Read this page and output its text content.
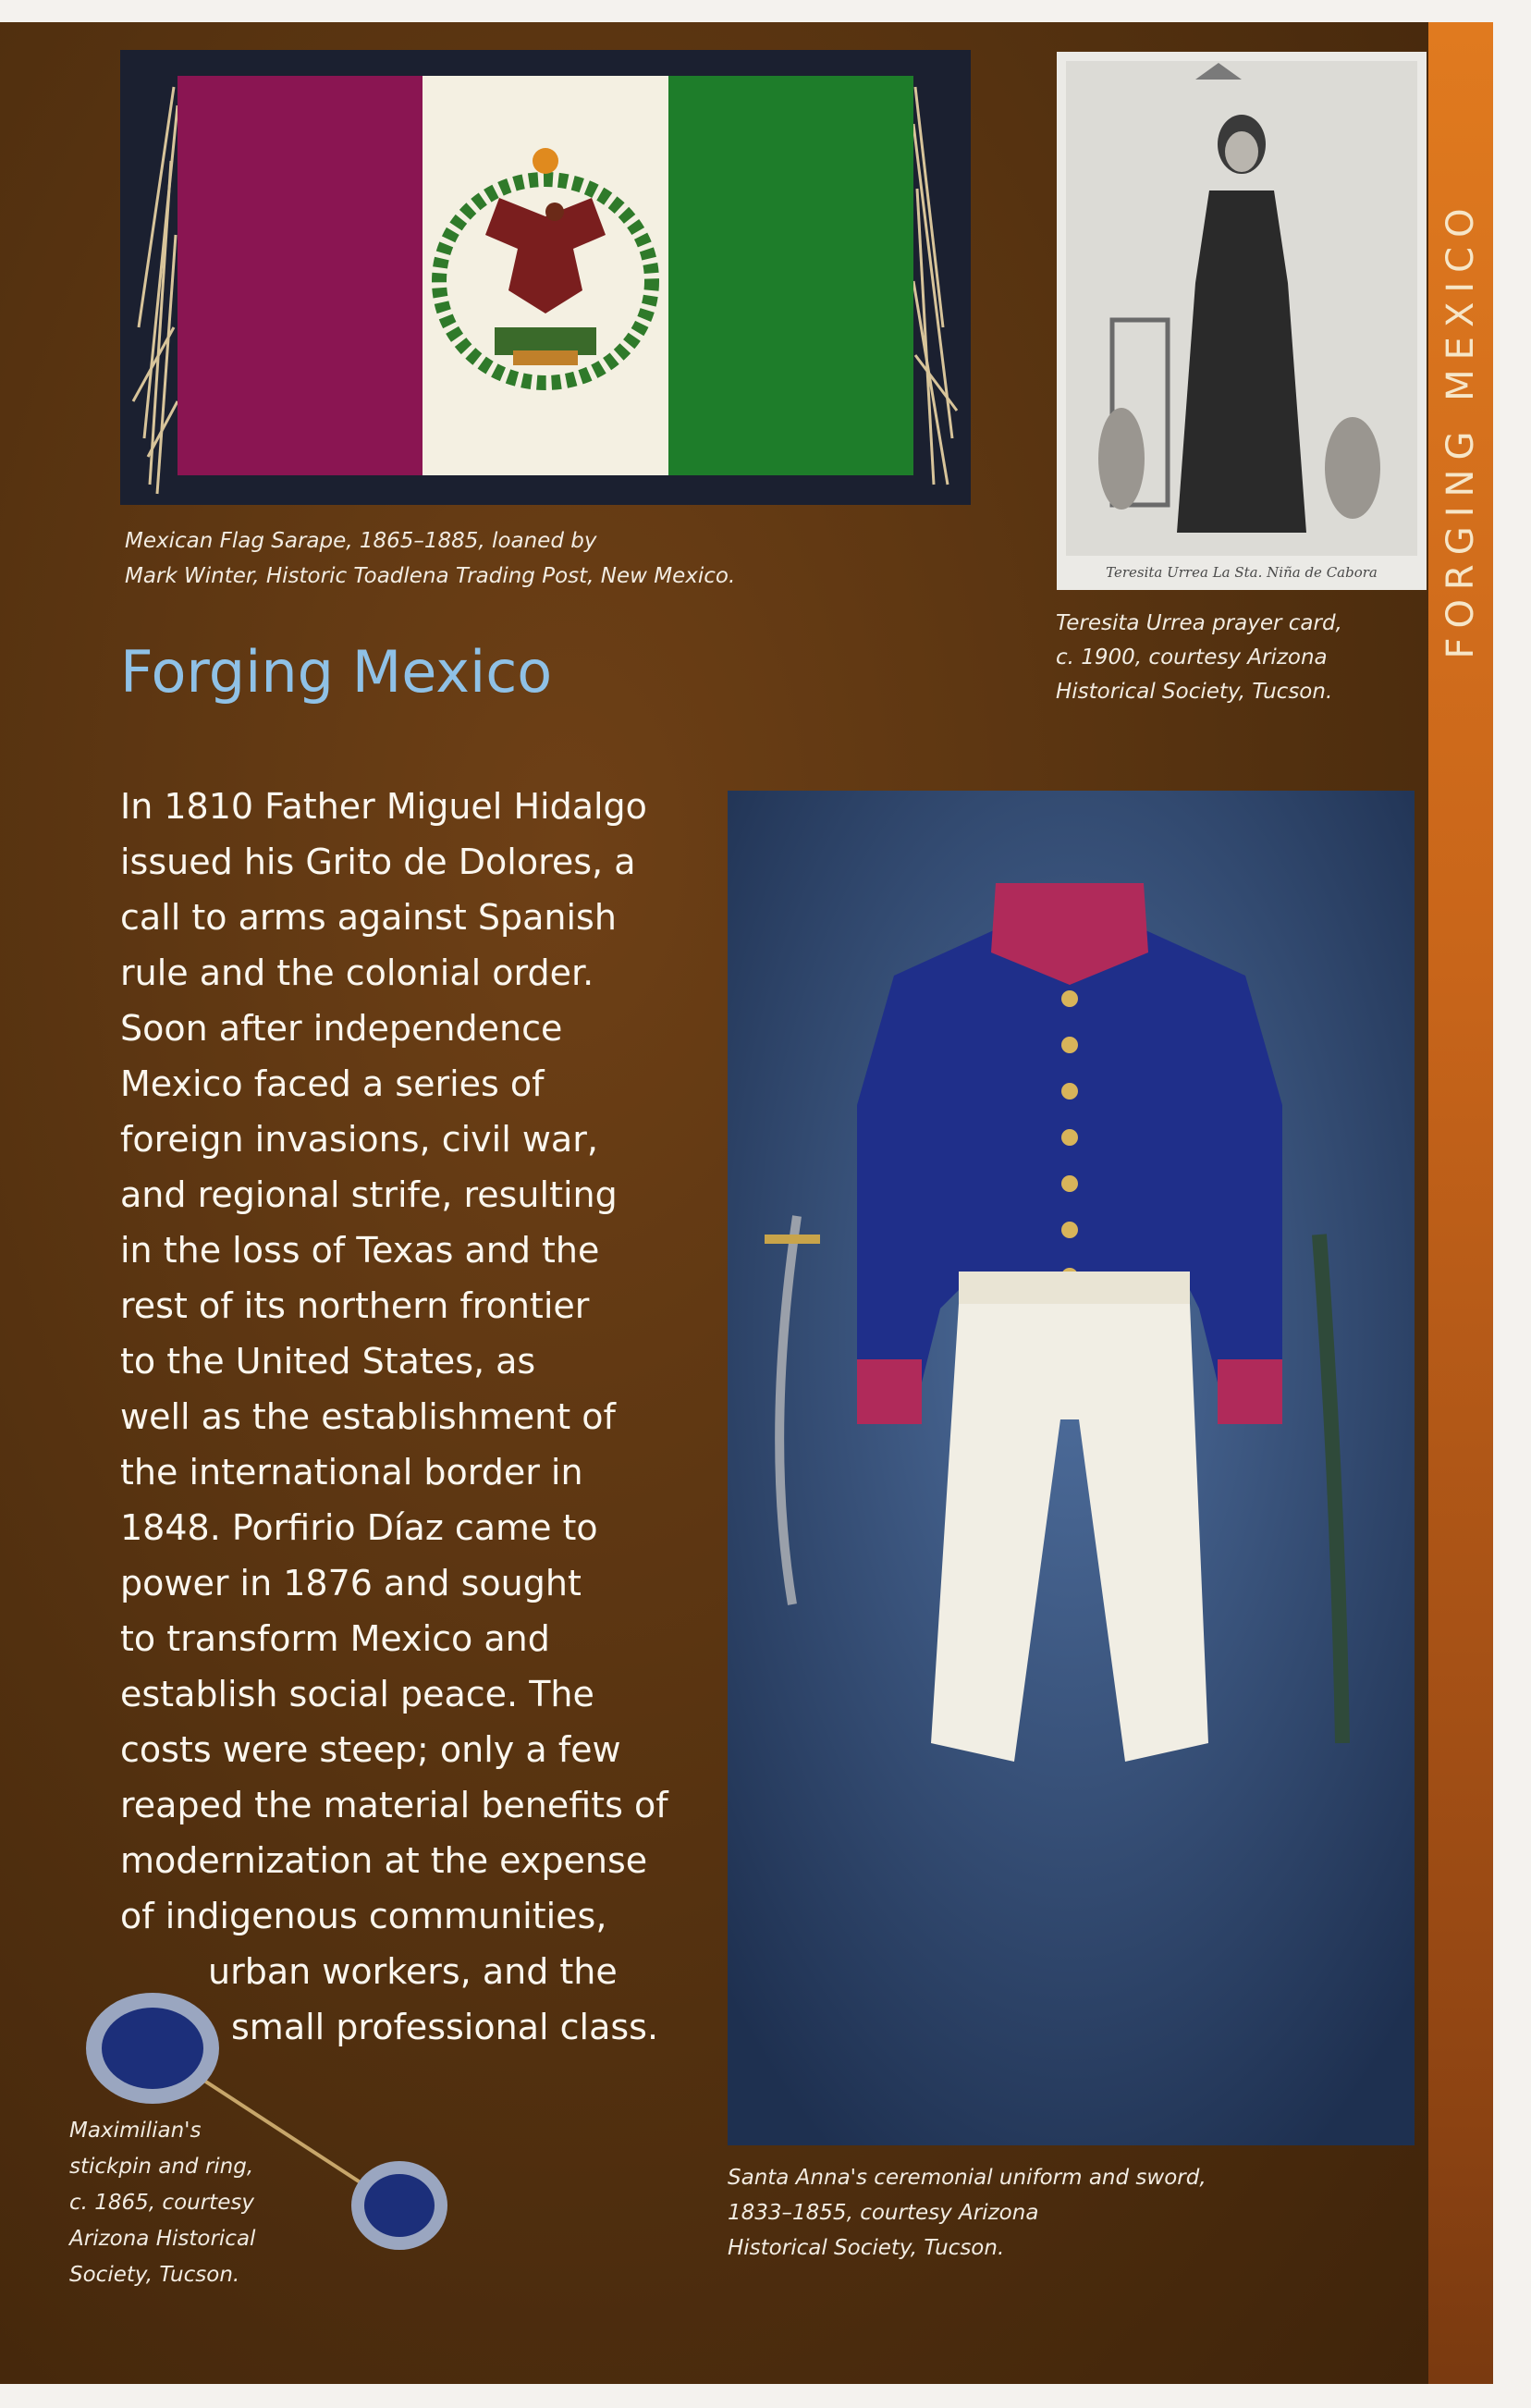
FORGING MEXICO
Mexican Flag Sarape, 1865–1885, loaned by
Mark Winter, Historic Toadlena Trading Post, New Mexico.	Teresita Urrea La Sta. Niña de Cabora
Teresita Urrea prayer card,
c. 1900, courtesy Arizona
Historical Society, Tucson.
Forging Mexico

In 1810 Father Miguel Hidalgo
issued his Grito de Dolores, a
call to arms against Spanish
rule and the colonial order.
Soon after independence
Mexico faced a series of
foreign invasions, civil war,
and regional strife, resulting
in the loss of Texas and the
rest of its northern frontier
to the United States, as
well as the establishment of
the international border in
1848. Porfirio Díaz came to
power in 1876 and sought
to transform Mexico and
establish social peace. The
costs were steep; only a few
reaped the material benefits of
modernization at the expense
of indigenous communities,
urban workers, and the
small professional class.

Santa Anna's ceremonial uniform and sword,
1833–1855, courtesy Arizona
Historical Society, Tucson.
Maximilian's
stickpin and ring,
c. 1865, courtesy
Arizona Historical
Society, Tucson.
